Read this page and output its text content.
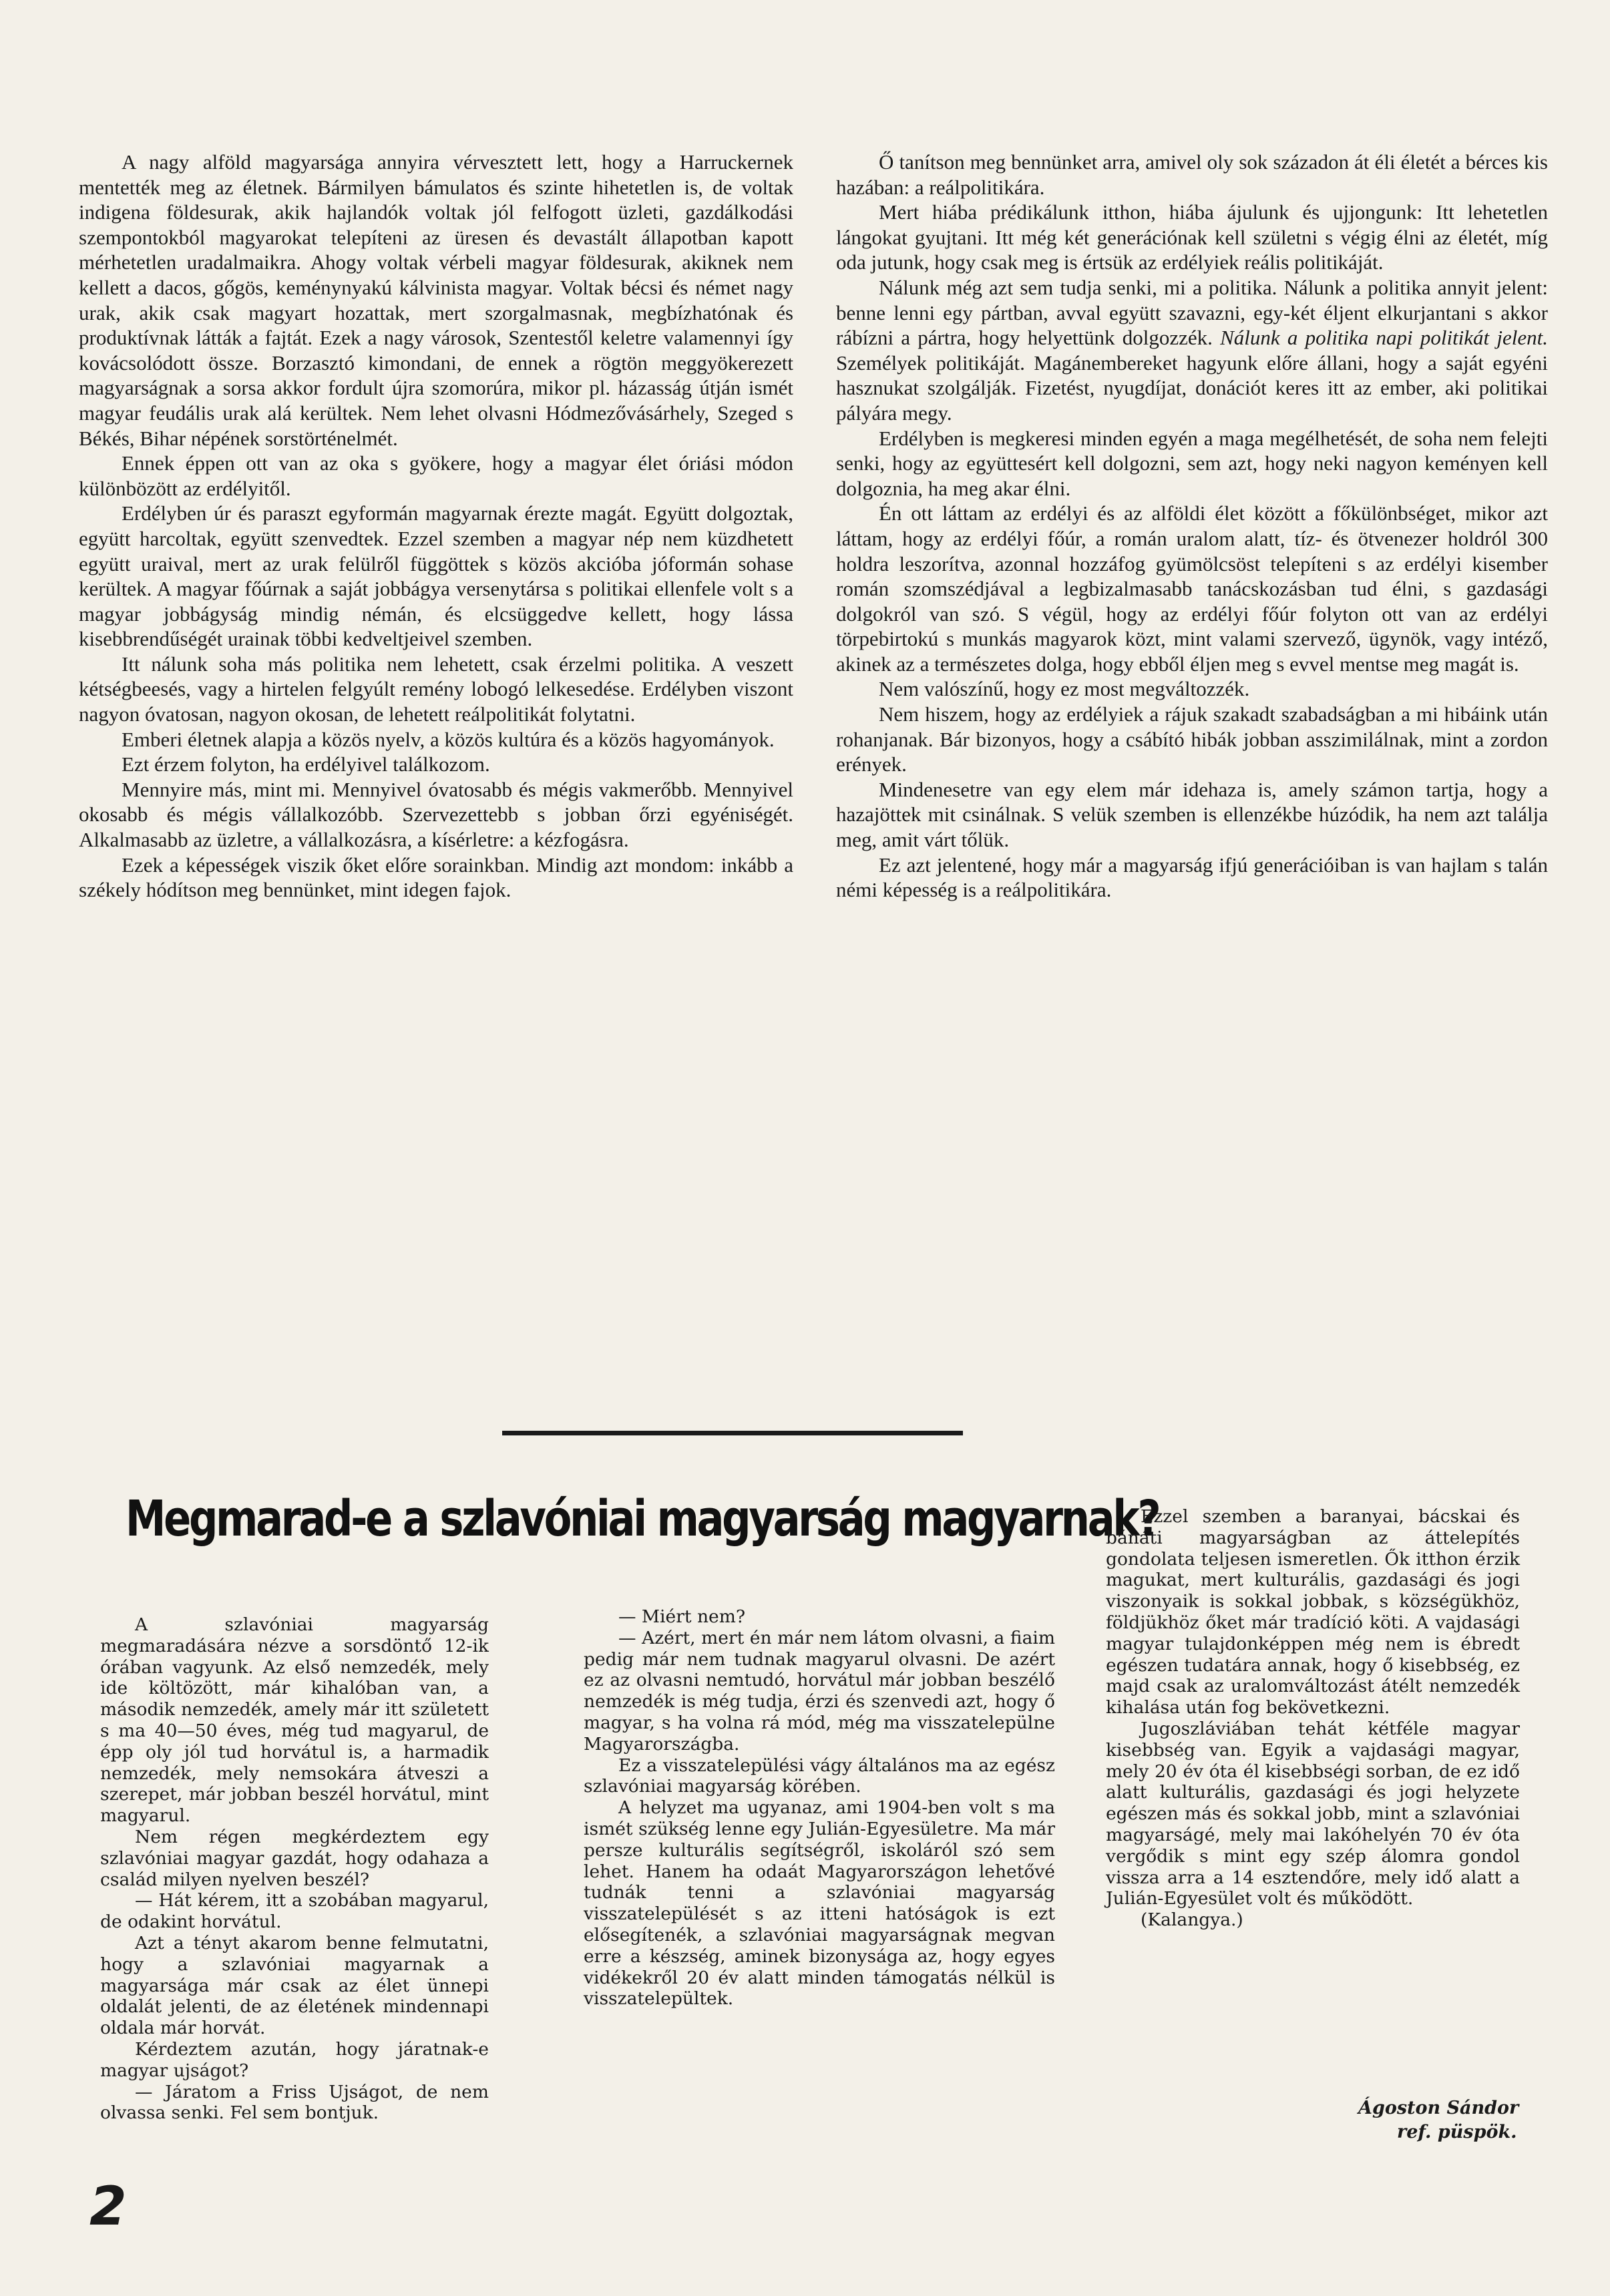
A nagy alföld magyarsága annyira vérvesztett lett, hogy a Harruckernek mentették meg az életnek. Bármilyen bámulatos és szinte hihetetlen is, de voltak indigena földesurak, akik hajlandók voltak jól felfogott üzleti, gazdálkodási szempontokból magyarokat telepíteni az üresen és devastált állapotban kapott mérhetetlen uradalmaikra. Ahogy voltak vérbeli magyar földesurak, akiknek nem kellett a dacos, gőgös, keménynyakú kálvinista magyar. Voltak bécsi és német nagy urak, akik csak magyart hozattak, mert szorgalmasnak, megbízhatónak és produktívnak látták a fajtát. Ezek a nagy városok, Szentestől keletre valamennyi így kovácsolódott össze. Borzasztó kimondani, de ennek a rögtön meggyökerezett magyarságnak a sorsa akkor fordult újra szomorúra, mikor pl. házasság útján ismét magyar feudális urak alá kerültek. Nem lehet olvasni Hódmezővásárhely, Szeged s Békés, Bihar népének sorstörténelmét.

Ennek éppen ott van az oka s gyökere, hogy a magyar élet óriási módon különbözött az erdélyitől.

Erdélyben úr és paraszt egyformán magyarnak érezte magát. Együtt dolgoztak, együtt harcoltak, együtt szenvedtek. Ezzel szemben a magyar nép nem küzdhetett együtt uraival, mert az urak felülről függöttek s közös akcióba jóformán sohase kerültek. A magyar főúrnak a saját jobbágya versenytársa s politikai ellenfele volt s a magyar jobbágyság mindig némán, és elcsüggedve kellett, hogy lássa kisebbrendűségét urainak többi kedveltjeivel szemben.

Itt nálunk soha más politika nem lehetett, csak érzelmi politika. A veszett kétségbeesés, vagy a hirtelen felgyúlt remény lobogó lelkesedése. Erdélyben viszont nagyon óvatosan, nagyon okosan, de lehetett reálpolitikát folytatni.

Emberi életnek alapja a közös nyelv, a közös kultúra és a közös hagyományok.

Ezt érzem folyton, ha erdélyivel találkozom.

Mennyire más, mint mi. Mennyivel óvatosabb és mégis vakmerőbb. Mennyivel okosabb és mégis vállalkozóbb. Szervezettebb s jobban őrzi egyéniségét. Alkalmasabb az üzletre, a vállalkozásra, a kísérletre: a kézfogásra.

Ezek a képességek viszik őket előre sorainkban. Mindig azt mondom: inkább a székely hódítson meg bennünket, mint idegen fajok.

Ő tanítson meg bennünket arra, amivel oly sok századon át éli életét a bérces kis hazában: a reálpolitikára.

Mert hiába prédikálunk itthon, hiába ájulunk és ujjongunk: Itt lehetetlen lángokat gyujtani. Itt még két generációnak kell születni s végig élni az életét, míg oda jutunk, hogy csak meg is értsük az erdélyiek reális politikáját.

Nálunk még azt sem tudja senki, mi a politika. Nálunk a politika annyit jelent: benne lenni egy pártban, avval együtt szavazni, egy-két éljent elkurjantani s akkor rábízni a pártra, hogy helyettünk dolgozzék. Nálunk a politika napi politikát jelent. Személyek politikáját. Magánembereket hagyunk előre állani, hogy a saját egyéni hasznukat szolgálják. Fizetést, nyugdíjat, donációt keres itt az ember, aki politikai pályára megy.

Erdélyben is megkeresi minden egyén a maga megélhetését, de soha nem felejti senki, hogy az együttesért kell dolgozni, sem azt, hogy neki nagyon keményen kell dolgoznia, ha meg akar élni.

Én ott láttam az erdélyi és az alföldi élet között a főkülönbséget, mikor azt láttam, hogy az erdélyi főúr, a román uralom alatt, tíz- és ötvenezer holdról 300 holdra leszorítva, azonnal hozzáfog gyümölcsöst telepíteni s az erdélyi kisember román szomszédjával a legbizalmasabb tanácskozásban tud élni, s gazdasági dolgokról van szó. S végül, hogy az erdélyi főúr folyton ott van az erdélyi törpebirtokú s munkás magyarok közt, mint valami szervező, ügynök, vagy intéző, akinek az a természetes dolga, hogy ebből éljen meg s evvel mentse meg magát is.

Nem valószínű, hogy ez most megváltozzék.

Nem hiszem, hogy az erdélyiek a rájuk szakadt szabadságban a mi hibáink után rohanjanak. Bár bizonyos, hogy a csábító hibák jobban asszimilálnak, mint a zordon erények.

Mindenesetre van egy elem már idehaza is, amely számon tartja, hogy a hazajöttek mit csinálnak. S velük szemben is ellenzékbe húzódik, ha nem azt találja meg, amit várt tőlük.

Ez azt jelentené, hogy már a magyarság ifjú generációiban is van hajlam s talán némi képesség is a reálpolitikára.

Megmarad-e a szlavóniai magyarság magyarnak?

A szlavóniai magyarság megmaradására nézve a sorsdöntő 12-ik órában vagyunk. Az első nemzedék, mely ide költözött, már kihalóban van, a második nemzedék, amely már itt született s ma 40—50 éves, még tud magyarul, de épp oly jól tud horvátul is, a harmadik nemzedék, mely nemsokára átveszi a szerepet, már jobban beszél horvátul, mint magyarul.

Nem régen megkérdeztem egy szlavóniai magyar gazdát, hogy odahaza a család milyen nyelven beszél?

— Hát kérem, itt a szobában magyarul, de odakint horvátul.

Azt a tényt akarom benne felmutatni, hogy a szlavóniai magyarnak a magyarsága már csak az élet ünnepi oldalát jelenti, de az életének mindennapi oldala már horvát.

Kérdeztem azután, hogy járatnak-e magyar ujságot?

— Járatom a Friss Ujságot, de nem olvassa senki. Fel sem bontjuk.

— Miért nem?

— Azért, mert én már nem látom olvasni, a fiaim pedig már nem tudnak magyarul olvasni. De azért ez az olvasni nemtudó, horvátul már jobban beszélő nemzedék is még tudja, érzi és szenvedi azt, hogy ő magyar, s ha volna rá mód, még ma visszatelepülne Magyarországba.

Ez a visszatelepülési vágy általános ma az egész szlavóniai magyarság körében.

A helyzet ma ugyanaz, ami 1904-ben volt s ma ismét szükség lenne egy Julián-Egyesületre. Ma már persze kulturális segítségről, iskoláról szó sem lehet. Hanem ha odaát Magyarországon lehetővé tudnák tenni a szlavóniai magyarság visszatelepülését s az itteni hatóságok is ezt elősegítenék, a szlavóniai magyarságnak megvan erre a készség, aminek bizonyságа az, hogy egyes vidékekről 20 év alatt minden támogatás nélkül is visszatelepültek.

Ezzel szemben a baranyai, bácskai és bánáti magyarságban az áttelepítés gondolata teljesen ismeretlen. Ők itthon érzik magukat, mert kulturális, gazdasági és jogi viszonyaik is sokkal jobbak, s községükhöz, földjükhöz őket már tradíció köti. A vajdasági magyar tulajdonképpen még nem is ébredt egészen tudatára annak, hogy ő kisebbség, ez majd csak az uralomváltozást átélt nemzedék kihalása után fog bekövetkezni.

Jugoszláviában tehát kétféle magyar kisebbség van. Egyik a vajdasági magyar, mely 20 év óta él kisebbségi sorban, de ez idő alatt kulturális, gazdasági és jogi helyzete egészen más és sokkal jobb, mint a szlavóniai magyarságé, mely mai lakóhelyén 70 év óta vergődik s mint egy szép álomra gondol vissza arra a 14 esztendőre, mely idő alatt a Julián-Egyesület volt és működött.

(Kalangya.)

Ágoston Sándor
ref. püspök.
2
